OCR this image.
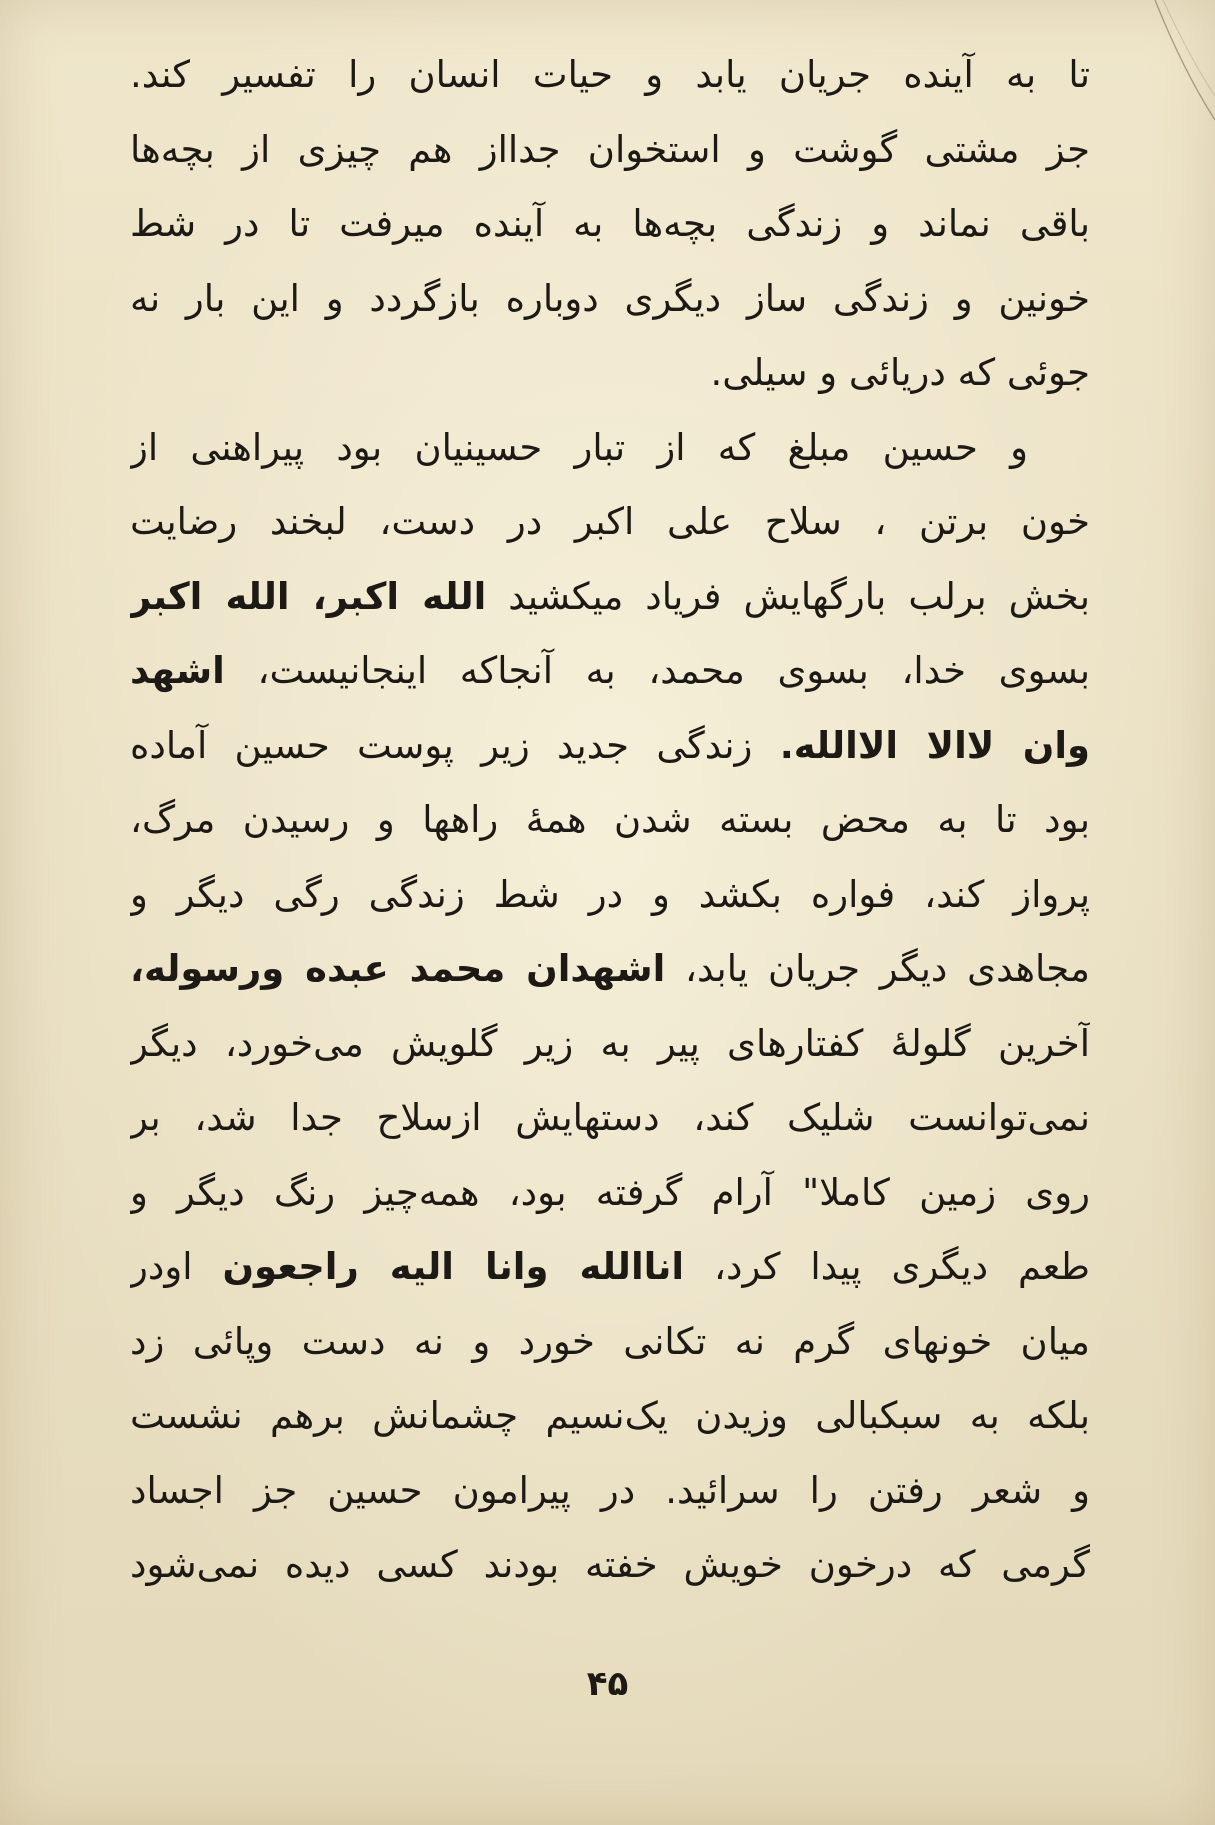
تا به آینده جریان یابد و حیات انسان را تفسیر کند.
جز مشتی گوشت و استخوان جدااز هم چیزی از بچه‌ها
باقی نماند و زندگی بچه‌ها به آینده میرفت تا در شط
خونین و زندگی ساز دیگری دوباره بازگردد و این بار نه
جوئی که دریائی و سیلی.
و حسین مبلغ که از تبار حسینیان بود پیراهنی از
خون برتن ، سلاح علی اکبر در دست، لبخند رضایت
بخش برلب بارگهایش فریاد میکشید الله اکبر، الله اکبر
بسوی خدا، بسوی محمد، به آنجاکه اینجانیست، اشهد
وان لاالا الاالله. زندگی جدید زیر پوست حسین آماده
بود تا به محض بسته شدن همهٔ راهها و رسیدن مرگ،
پرواز کند، فواره بکشد و در شط زندگی رگی دیگر و
مجاهدی دیگر جریان یابد، اشهدان محمد عبده ورسوله،
آخرین گلولهٔ کفتارهای پیر به زیر گلویش می‌خورد، دیگر
نمی‌توانست شلیک کند، دستهایش ازسلاح جدا شد، بر
روی زمین کاملا" آرام گرفته بود، همه‌چیز رنگ دیگر و
طعم دیگری پیدا کرد، اناالله وانا الیه راجعون اودر
میان خونهای گرم نه تکانی خورد و نه دست وپائی زد
بلکه به سبکبالی وزیدن یک‌نسیم چشمانش برهم نشست
و شعر رفتن را سرائید. در پیرامون حسین جز اجساد
گرمی که درخون خویش خفته بودند کسی دیده نمی‌شود
۴۵
